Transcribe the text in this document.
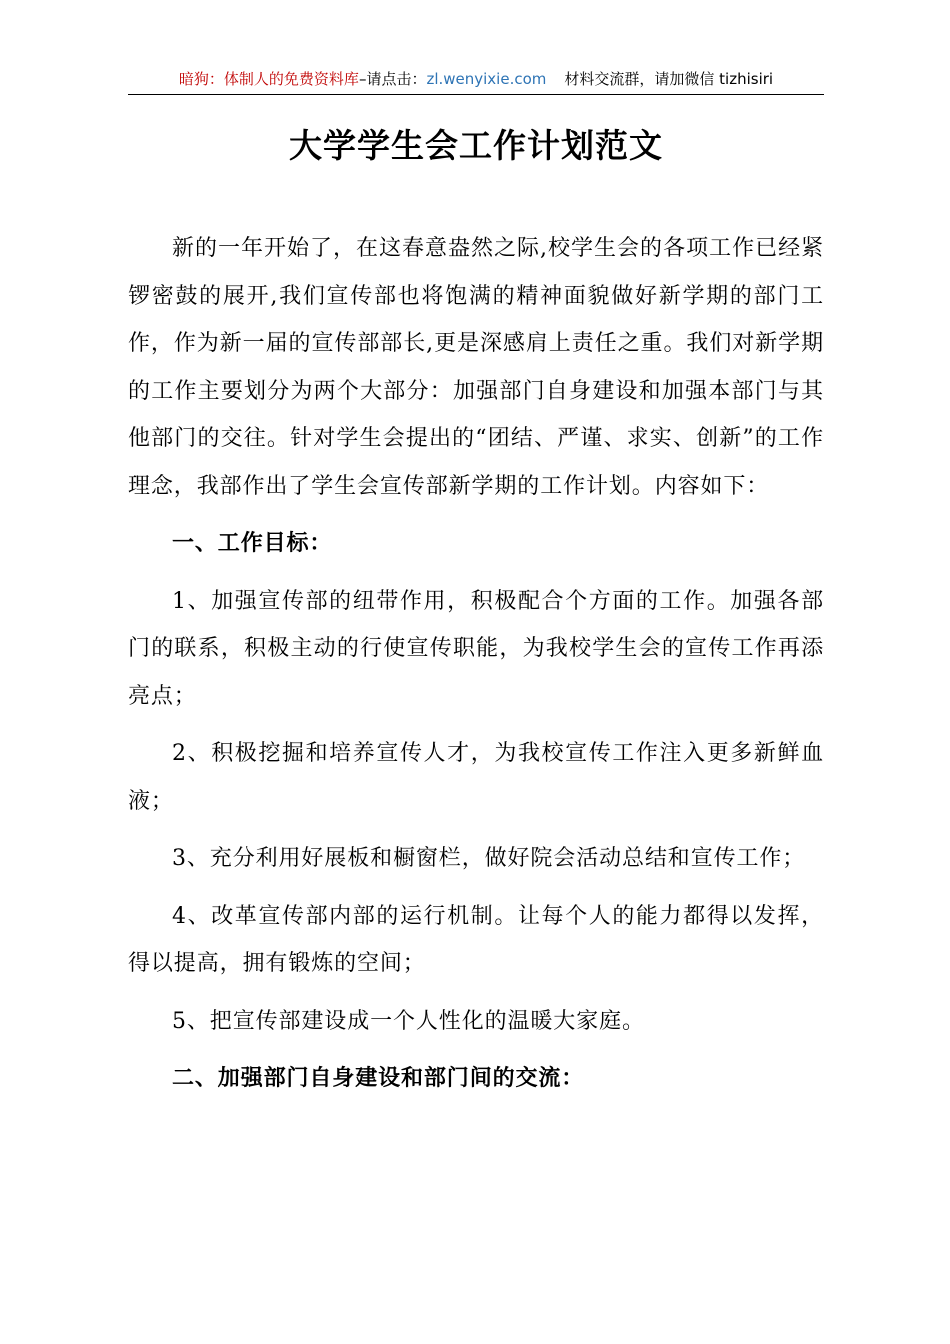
暗狗：体制人的免费资料库–请点击：zl.wenyixie.com 材料交流群，请加微信 tizhisiri
大学学生会工作计划范文

新的一年开始了，在这春意盎然之际,校学生会的各项工作已经紧锣密鼓的展开,我们宣传部也将饱满的精神面貌做好新学期的部门工作，作为新一届的宣传部部长,更是深感肩上责任之重。我们对新学期的工作主要划分为两个大部分：加强部门自身建设和加强本部门与其他部门的交往。针对学生会提出的“团结、严谨、求实、创新”的工作理念，我部作出了学生会宣传部新学期的工作计划。内容如下：

一、工作目标：

1、加强宣传部的纽带作用，积极配合个方面的工作。加强各部门的联系，积极主动的行使宣传职能，为我校学生会的宣传工作再添亮点；

2、积极挖掘和培养宣传人才，为我校宣传工作注入更多新鲜血液；

3、充分利用好展板和橱窗栏，做好院会活动总结和宣传工作；

4、改革宣传部内部的运行机制。让每个人的能力都得以发挥，得以提高，拥有锻炼的空间；

5、把宣传部建设成一个人性化的温暖大家庭。

二、加强部门自身建设和部门间的交流：
